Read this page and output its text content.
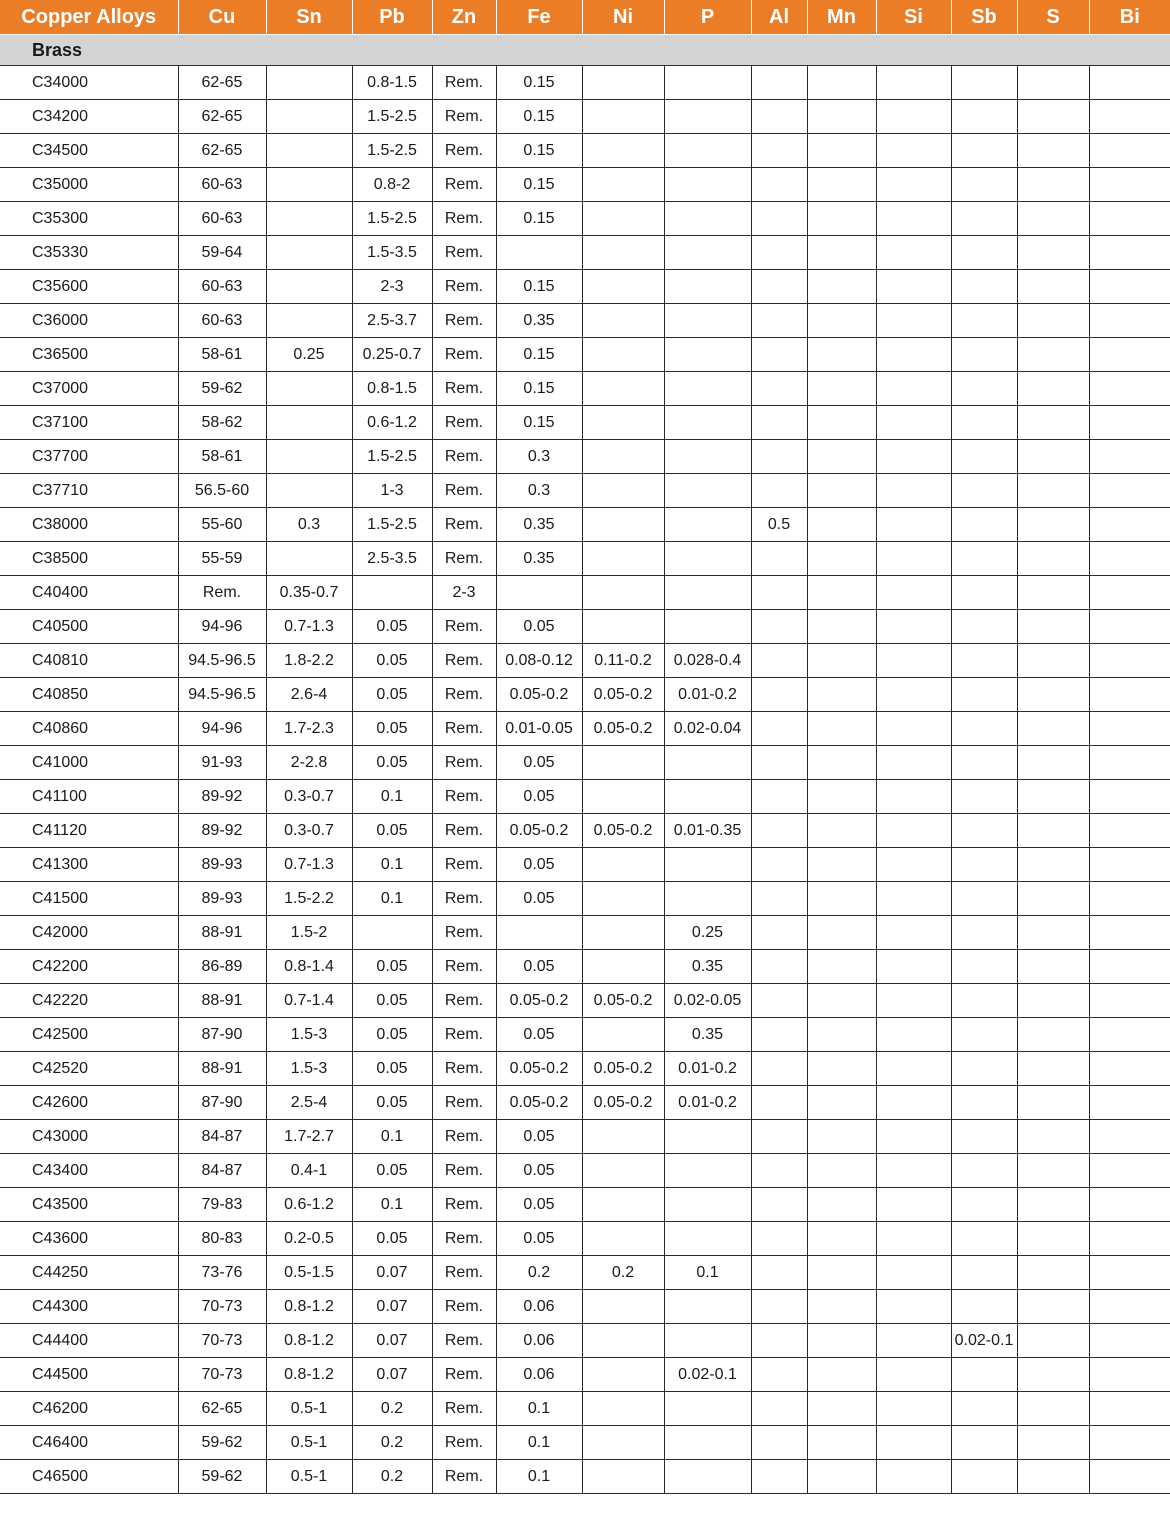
Copper Alloys	Cu	Sn	Pb	Zn	Fe	Ni	P	Al	Mn	Si	Sb	S	Bi
Brass													
C34000	62-65		0.8-1.5	Rem.	0.15								
C34200	62-65		1.5-2.5	Rem.	0.15								
C34500	62-65		1.5-2.5	Rem.	0.15								
C35000	60-63		0.8-2	Rem.	0.15								
C35300	60-63		1.5-2.5	Rem.	0.15								
C35330	59-64		1.5-3.5	Rem.									
C35600	60-63		2-3	Rem.	0.15								
C36000	60-63		2.5-3.7	Rem.	0.35								
C36500	58-61	0.25	0.25-0.7	Rem.	0.15								
C37000	59-62		0.8-1.5	Rem.	0.15								
C37100	58-62		0.6-1.2	Rem.	0.15								
C37700	58-61		1.5-2.5	Rem.	0.3								
C37710	56.5-60		1-3	Rem.	0.3								
C38000	55-60	0.3	1.5-2.5	Rem.	0.35			0.5					
C38500	55-59		2.5-3.5	Rem.	0.35								
C40400	Rem.	0.35-0.7		2-3									
C40500	94-96	0.7-1.3	0.05	Rem.	0.05								
C40810	94.5-96.5	1.8-2.2	0.05	Rem.	0.08-0.12	0.11-0.2	0.028-0.4						
C40850	94.5-96.5	2.6-4	0.05	Rem.	0.05-0.2	0.05-0.2	0.01-0.2						
C40860	94-96	1.7-2.3	0.05	Rem.	0.01-0.05	0.05-0.2	0.02-0.04						
C41000	91-93	2-2.8	0.05	Rem.	0.05								
C41100	89-92	0.3-0.7	0.1	Rem.	0.05								
C41120	89-92	0.3-0.7	0.05	Rem.	0.05-0.2	0.05-0.2	0.01-0.35						
C41300	89-93	0.7-1.3	0.1	Rem.	0.05								
C41500	89-93	1.5-2.2	0.1	Rem.	0.05								
C42000	88-91	1.5-2		Rem.			0.25						
C42200	86-89	0.8-1.4	0.05	Rem.	0.05		0.35						
C42220	88-91	0.7-1.4	0.05	Rem.	0.05-0.2	0.05-0.2	0.02-0.05						
C42500	87-90	1.5-3	0.05	Rem.	0.05		0.35						
C42520	88-91	1.5-3	0.05	Rem.	0.05-0.2	0.05-0.2	0.01-0.2						
C42600	87-90	2.5-4	0.05	Rem.	0.05-0.2	0.05-0.2	0.01-0.2						
C43000	84-87	1.7-2.7	0.1	Rem.	0.05								
C43400	84-87	0.4-1	0.05	Rem.	0.05								
C43500	79-83	0.6-1.2	0.1	Rem.	0.05								
C43600	80-83	0.2-0.5	0.05	Rem.	0.05								
C44250	73-76	0.5-1.5	0.07	Rem.	0.2	0.2	0.1						
C44300	70-73	0.8-1.2	0.07	Rem.	0.06								
C44400	70-73	0.8-1.2	0.07	Rem.	0.06						0.02-0.1		
C44500	70-73	0.8-1.2	0.07	Rem.	0.06		0.02-0.1						
C46200	62-65	0.5-1	0.2	Rem.	0.1								
C46400	59-62	0.5-1	0.2	Rem.	0.1								
C46500	59-62	0.5-1	0.2	Rem.	0.1								
